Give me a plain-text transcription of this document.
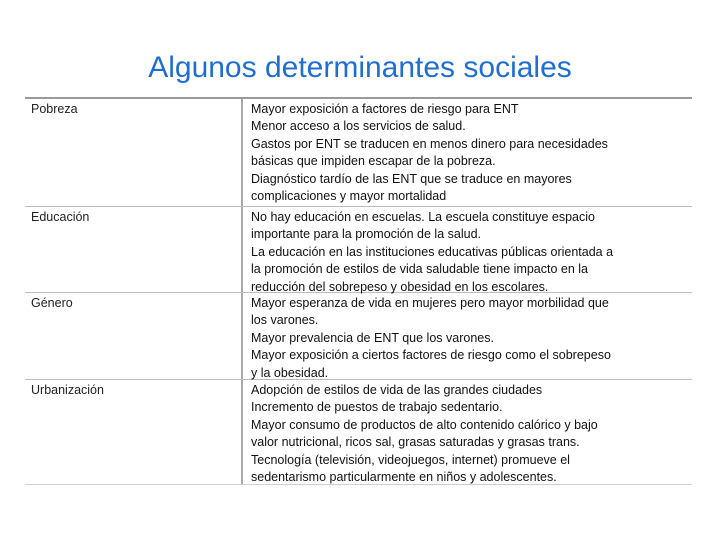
Algunos determinantes sociales
Pobreza	Mayor exposición a factores de riesgo para ENT
Menor acceso a los servicios de salud.
Gastos por ENT se traducen en menos dinero para necesidades
básicas que impiden escapar de la pobreza.
Diagnóstico tardío de las ENT que se traduce en mayores
complicaciones y mayor mortalidad
Educación	No hay educación en escuelas. La escuela constituye espacio
importante para la promoción de la salud.
La educación en las instituciones educativas públicas orientada a
la promoción de estilos de vida saludable tiene impacto en la
reducción del sobrepeso y obesidad en los escolares.
Género	Mayor esperanza de vida en mujeres pero mayor morbilidad que
los varones.
Mayor prevalencia de ENT que los varones.
Mayor exposición a ciertos factores de riesgo como el sobrepeso
y la obesidad.
Urbanización	Adopción de estilos de vida de las grandes ciudades
Incremento de puestos de trabajo sedentario.
Mayor consumo de productos de alto contenido calórico y bajo
valor nutricional, ricos sal, grasas saturadas y grasas trans.
Tecnología (televisión, videojuegos, internet) promueve el
sedentarismo particularmente en niños y adolescentes.
